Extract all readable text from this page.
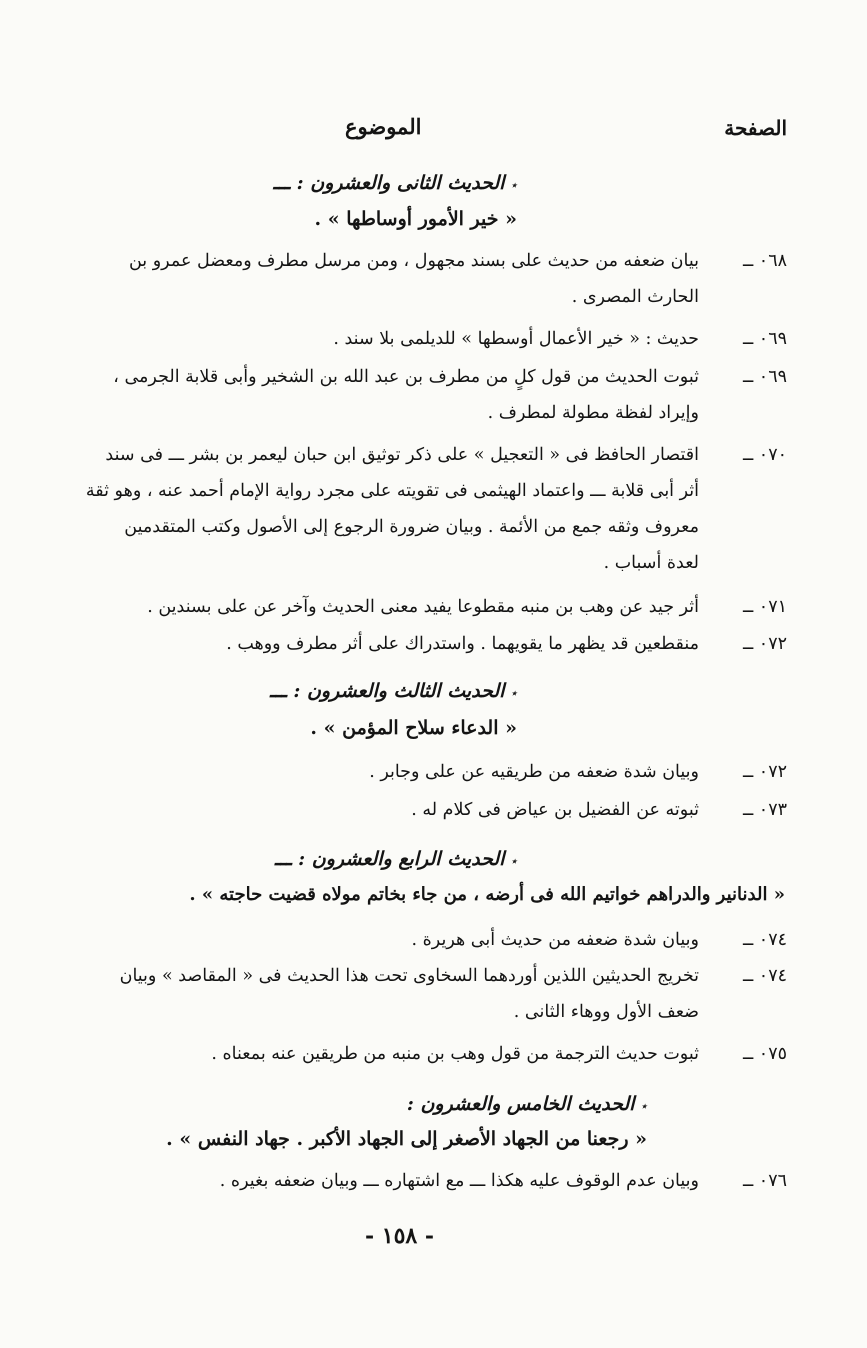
الصفحة
الموضوع
٭الحديث الثانى والعشرون : ـــ
« خير الأمور أوساطها » .
٠٦٨ ــ
بيان ضعفه من حديث على بسند مجهول ، ومن مرسل مطرف ومعضل عمرو بن
الحارث المصرى .
٠٦٩ ــ
حديث : « خير الأعمال أوسطها » للديلمى بلا سند .
٠٦٩ ــ
ثبوت الحديث من قول كلٍ من مطرف بن عبد الله بن الشخير وأبى قلابة الجرمى ،
وإيراد لفظة مطولة لمطرف .
٠٧٠ ــ
اقتصار الحافظ فى « التعجيل » على ذكر توثيق ابن حبان ليعمر بن بشر ـــ فى سند
أثر أبى قلابة ـــ واعتماد الهيثمى فى تقويته على مجرد رواية الإمام أحمد عنه ، وهو ثقة
معروف وثقه جمع من الأئمة . وبيان ضرورة الرجوع إلى الأصول وكتب المتقدمين
لعدة أسباب .
٠٧١ ــ
أثر جيد عن وهب بن منبه مقطوعا يفيد معنى الحديث وآخر عن على بسندين .
٠٧٢ ــ
منقطعين قد يظهر ما يقويهما . واستدراك على أثر مطرف ووهب .
٭الحديث الثالث والعشرون : ـــ
« الدعاء سلاح المؤمن » .
٠٧٢ ــ
وبيان شدة ضعفه من طريقيه عن على وجابر .
٠٧٣ ــ
ثبوته عن الفضيل بن عياض فى كلام له .
٭الحديث الرابع والعشرون : ـــ
« الدنانير والدراهم خواتيم الله فى أرضه ، من جاء بخاتم مولاه قضيت حاجته » .
٠٧٤ ــ
وبيان شدة ضعفه من حديث أبى هريرة .
٠٧٤ ــ
تخريج الحديثين اللذين أوردهما السخاوى تحت هذا الحديث فى « المقاصد » وبيان
ضعف الأول ووهاء الثانى .
٠٧٥ ــ
ثبوت حديث الترجمة من قول وهب بن منبه من طريقين عنه بمعناه .
٭الحديث الخامس والعشرون :
« رجعنا من الجهاد الأصغر إلى الجهاد الأكبر . جهاد النفس » .
٠٧٦ ــ
وبيان عدم الوقوف عليه هكذا ـــ مع اشتهاره ـــ وبيان ضعفه بغيره .
- ١٥٨ -
